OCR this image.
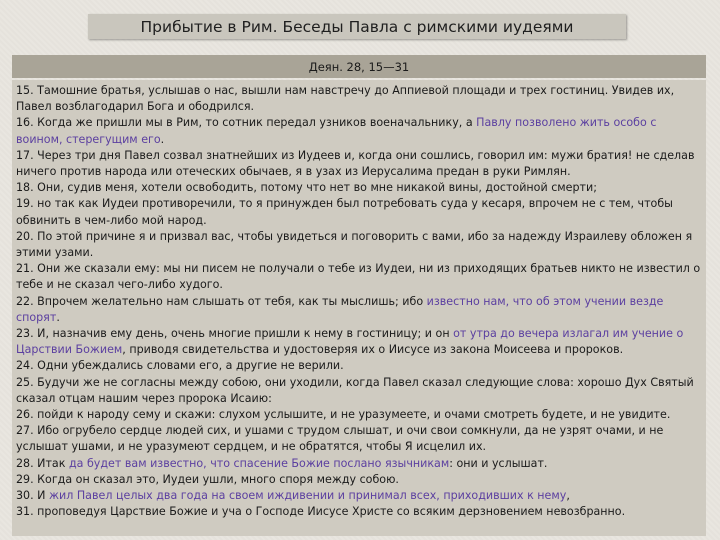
Прибытие в Рим. Беседы Павла с римскими иудеями
Деян. 28, 15—31

15. Тамошние братья, услышав о нас, вышли нам навстречу до Аппиевой площади и трех гостиниц. Увидев их, Павел возблагодарил Бога и ободрился.

16. Когда же пришли мы в Рим, то сотник передал узников военачальнику, а Павлу позволено жить особо с воином, стерегущим его.

17. Через три дня Павел созвал знатнейших из Иудеев и, когда они сошлись, говорил им: мужи братия! не сделав ничего против народа или отеческих обычаев, я в узах из Иерусалима предан в руки Римлян.

18. Они, судив меня, хотели освободить, потому что нет во мне никакой вины, достойной смерти;

19. но так как Иудеи противоречили, то я принужден был потребовать суда у кесаря, впрочем не с тем, чтобы обвинить в чем-либо мой народ.

20. По этой причине я и призвал вас, чтобы увидеться и поговорить с вами, ибо за надежду Израилеву обложен я этими узами.

21. Они же сказали ему: мы ни писем не получали о тебе из Иудеи, ни из приходящих братьев никто не известил о тебе и не сказал чего-либо худого.

22. Впрочем желательно нам слышать от тебя, как ты мыслишь; ибо известно нам, что об этом учении везде спорят.

23. И, назначив ему день, очень многие пришли к нему в гостиницу; и он от утра до вечера излагал им учение о Царствии Божием, приводя свидетельства и удостоверяя их о Иисусе из закона Моисеева и пророков.

24. Одни убеждались словами его, а другие не верили.

25. Будучи же не согласны между собою, они уходили, когда Павел сказал следующие слова: хорошо Дух Святый сказал отцам нашим через пророка Исаию:

26. пойди к народу сему и скажи: слухом услышите, и не уразумеете, и очами смотреть будете, и не увидите.

27. Ибо огрубело сердце людей сих, и ушами с трудом слышат, и очи свои сомкнули, да не узрят очами, и не услышат ушами, и не уразумеют сердцем, и не обратятся, чтобы Я исцелил их.

28. Итак да будет вам известно, что спасение Божие послано язычникам: они и услышат.

29. Когда он сказал это, Иудеи ушли, много споря между собою.

30. И жил Павел целых два года на своем иждивении и принимал всех, приходивших к нему,

31. проповедуя Царствие Божие и уча о Господе Иисусе Христе со всяким дерзновением невозбранно.
